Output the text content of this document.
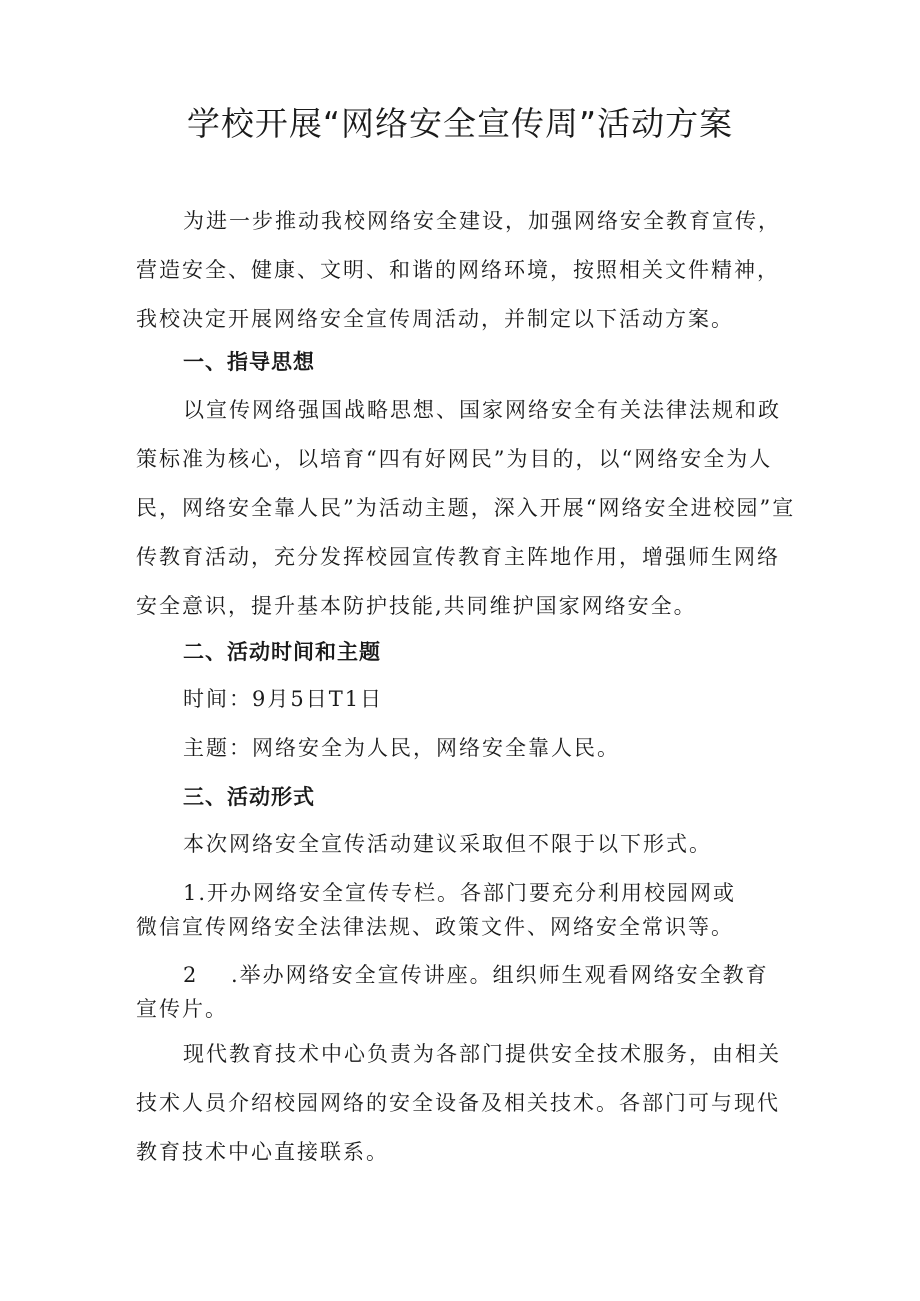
学校开展“网络安全宣传周”活动方案

为进一步推动我校网络安全建设，加强网络安全教育宣传，营造安全、健康、文明、和谐的网络环境，按照相关文件精神，我校决定开展网络安全宣传周活动，并制定以下活动方案。

一、指导思想

以宣传网络强国战略思想、国家网络安全有关法律法规和政策标准为核心，以培育“四有好网民”为目的，以“网络安全为人民，网络安全靠人民”为活动主题，深入开展“网络安全进校园”宣传教育活动，充分发挥校园宣传教育主阵地作用，增强师生网络安全意识，提升基本防护技能,共同维护国家网络安全。

二、活动时间和主题

时间：9月5日T1日

主题：网络安全为人民，网络安全靠人民。

三、活动形式

本次网络安全宣传活动建议采取但不限于以下形式。

1.开办网络安全宣传专栏。各部门要充分利用校园网或
微信宣传网络安全法律法规、政策文件、网络安全常识等。
2 .举办网络安全宣传讲座。组织师生观看网络安全教育
宣传片。

现代教育技术中心负责为各部门提供安全技术服务，由相关技术人员介绍校园网络的安全设备及相关技术。各部门可与现代教育技术中心直接联系。
